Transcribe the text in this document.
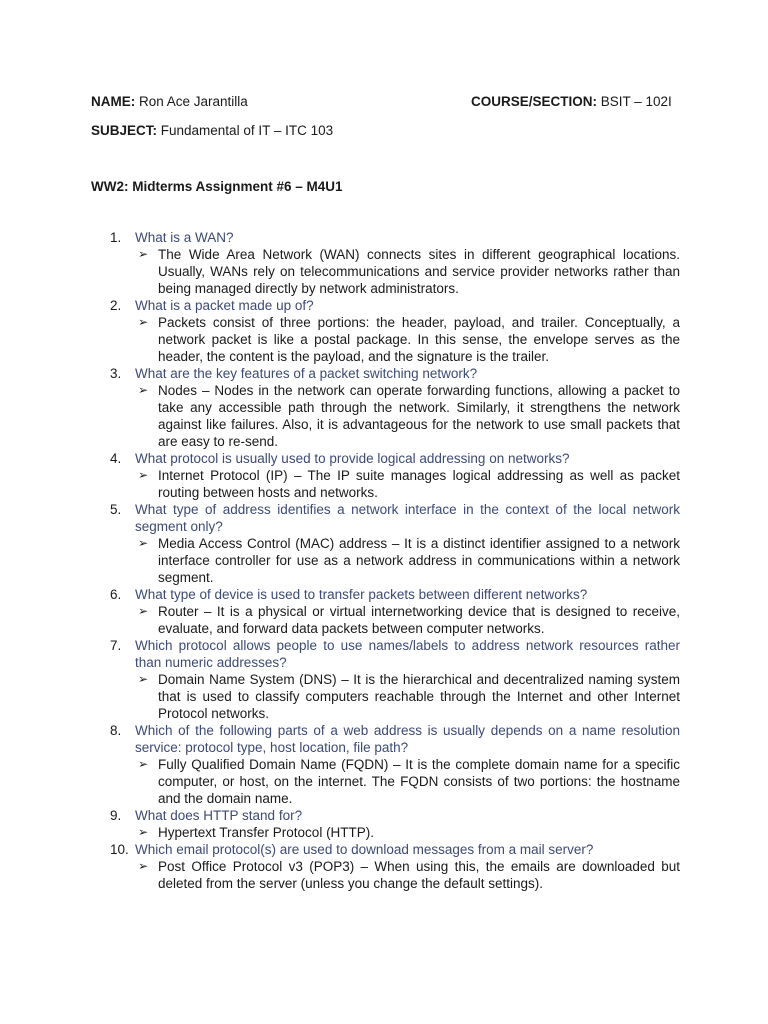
NAME: Ron Ace Jarantilla	COURSE/SECTION: BSIT – 102I
SUBJECT: Fundamental of IT – ITC 103
WW2: Midterms Assignment #6 – M4U1
1.	What is a WAN?
➢ The Wide Area Network (WAN) connects sites in different geographical locations. Usually, WANs rely on telecommunications and service provider networks rather than being managed directly by network administrators.
2.	What is a packet made up of?
➢ Packets consist of three portions: the header, payload, and trailer. Conceptually, a network packet is like a postal package. In this sense, the envelope serves as the header, the content is the payload, and the signature is the trailer.
3.	What are the key features of a packet switching network?
➢ Nodes – Nodes in the network can operate forwarding functions, allowing a packet to take any accessible path through the network. Similarly, it strengthens the network against like failures. Also, it is advantageous for the network to use small packets that are easy to re-send.
4.	What protocol is usually used to provide logical addressing on networks?
➢ Internet Protocol (IP) – The IP suite manages logical addressing as well as packet routing between hosts and networks.
5.	What type of address identifies a network interface in the context of the local network segment only?
➢ Media Access Control (MAC) address – It is a distinct identifier assigned to a network interface controller for use as a network address in communications within a network segment.
6.	What type of device is used to transfer packets between different networks?
➢ Router – It is a physical or virtual internetworking device that is designed to receive, evaluate, and forward data packets between computer networks.
7.	Which protocol allows people to use names/labels to address network resources rather than numeric addresses?
➢ Domain Name System (DNS) – It is the hierarchical and decentralized naming system that is used to classify computers reachable through the Internet and other Internet Protocol networks.
8.	Which of the following parts of a web address is usually depends on a name resolution service: protocol type, host location, file path?
➢ Fully Qualified Domain Name (FQDN) – It is the complete domain name for a specific computer, or host, on the internet. The FQDN consists of two portions: the hostname and the domain name.
9.	What does HTTP stand for?
➢ Hypertext Transfer Protocol (HTTP).
10. Which email protocol(s) are used to download messages from a mail server?
➢ Post Office Protocol v3 (POP3) – When using this, the emails are downloaded but deleted from the server (unless you change the default settings).
